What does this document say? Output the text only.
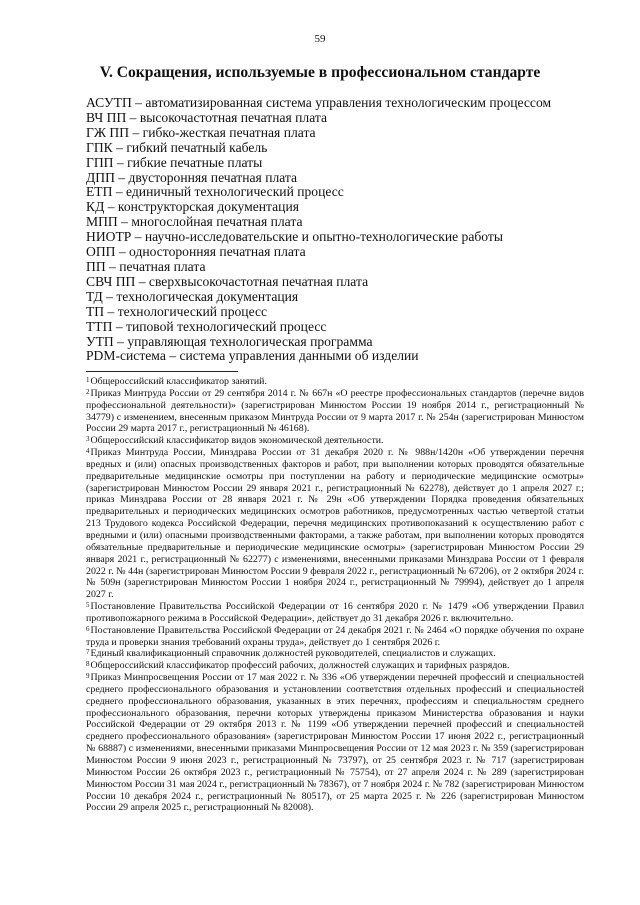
59
V. Сокращения, используемые в профессиональном стандарте
АСУТП – автоматизированная система управления технологическим процессом
ВЧ ПП – высокочастотная печатная плата
ГЖ ПП – гибко-жесткая печатная плата
ГПК – гибкий печатный кабель
ГПП – гибкие печатные платы
ДПП – двусторонняя печатная плата
ЕТП – единичный технологический процесс
КД – конструкторская документация
МПП – многослойная печатная плата
НИОТР – научно-исследовательские и опытно-технологические работы
ОПП – односторонняя печатная плата
ПП – печатная плата
СВЧ ПП – сверхвысокочастотная печатная плата
ТД – технологическая документация
ТП – технологический процесс
ТТП – типовой технологический процесс
УТП – управляющая технологическая программа
PDM-система – система управления данными об изделии
$^1$Общероссийский классификатор занятий.
$^2$Приказ Минтруда России от 29 сентября 2014 г. № 667н «О реестре профессиональных стандартов (перечне видов профессиональной деятельности)» (зарегистрирован Минюстом России 19 ноября 2014 г., регистрационный № 34779) с изменением, внесенным приказом Минтруда России от 9 марта 2017 г. № 254н (зарегистрирован Минюстом России 29 марта 2017 г., регистрационный № 46168).
$^3$Общероссийский классификатор видов экономической деятельности.
$^4$Приказ Минтруда России, Минздрава России от 31 декабря 2020 г. № 988н/1420н «Об утверждении перечня вредных и (или) опасных производственных факторов и работ, при выполнении которых проводятся обязательные предварительные медицинские осмотры при поступлении на работу и периодические медицинские осмотры» (зарегистрирован Минюстом России 29 января 2021 г., регистрационный № 62278), действует до 1 апреля 2027 г.; приказ Минздрава России от 28 января 2021 г. № 29н «Об утверждении Порядка проведения обязательных предварительных и периодических медицинских осмотров работников, предусмотренных частью четвертой статьи 213 Трудового кодекса Российской Федерации, перечня медицинских противопоказаний к осуществлению работ с вредными и (или) опасными производственными факторами, а также работам, при выполнении которых проводятся обязательные предварительные и периодические медицинские осмотры» (зарегистрирован Минюстом России 29 января 2021 г., регистрационный № 62277) с изменениями, внесенными приказами Минздрава России от 1 февраля 2022 г. № 44н (зарегистрирован Минюстом России 9 февраля 2022 г., регистрационный № 67206), от 2 октября 2024 г. № 509н (зарегистрирован Минюстом России 1 ноября 2024 г., регистрационный № 79994), действует до 1 апреля 2027 г.
$^5$Постановление Правительства Российской Федерации от 16 сентября 2020 г. № 1479 «Об утверждении Правил противопожарного режима в Российской Федерации», действует до 31 декабря 2026 г. включительно.
$^6$Постановление Правительства Российской Федерации от 24 декабря 2021 г. № 2464 «О порядке обучения по охране труда и проверки знания требований охраны труда», действует до 1 сентября 2026 г.
$^7$Единый квалификационный справочник должностей руководителей, специалистов и служащих.
$^8$Общероссийский классификатор профессий рабочих, должностей служащих и тарифных разрядов.
$^9$Приказ Минпросвещения России от 17 мая 2022 г. № 336 «Об утверждении перечней профессий и специальностей среднего профессионального образования и установлении соответствия отдельных профессий и специальностей среднего профессионального образования, указанных в этих перечнях, профессиям и специальностям среднего профессионального образования, перечни которых утверждены приказом Министерства образования и науки Российской Федерации от 29 октября 2013 г. № 1199 «Об утверждении перечней профессий и специальностей среднего профессионального образования» (зарегистрирован Минюстом России 17 июня 2022 г., регистрационный № 68887) с изменениями, внесенными приказами Минпросвещения России от 12 мая 2023 г. № 359 (зарегистрирован Минюстом России 9 июня 2023 г., регистрационный № 73797), от 25 сентября 2023 г. № 717 (зарегистрирован Минюстом России 26 октября 2023 г., регистрационный № 75754), от 27 апреля 2024 г. № 289 (зарегистрирован Минюстом России 31 мая 2024 г., регистрационный № 78367), от 7 ноября 2024 г. № 782 (зарегистрирован Минюстом России 10 декабря 2024 г., регистрационный № 80517), от 25 марта 2025 г. № 226 (зарегистрирован Минюстом России 29 апреля 2025 г., регистрационный № 82008).
